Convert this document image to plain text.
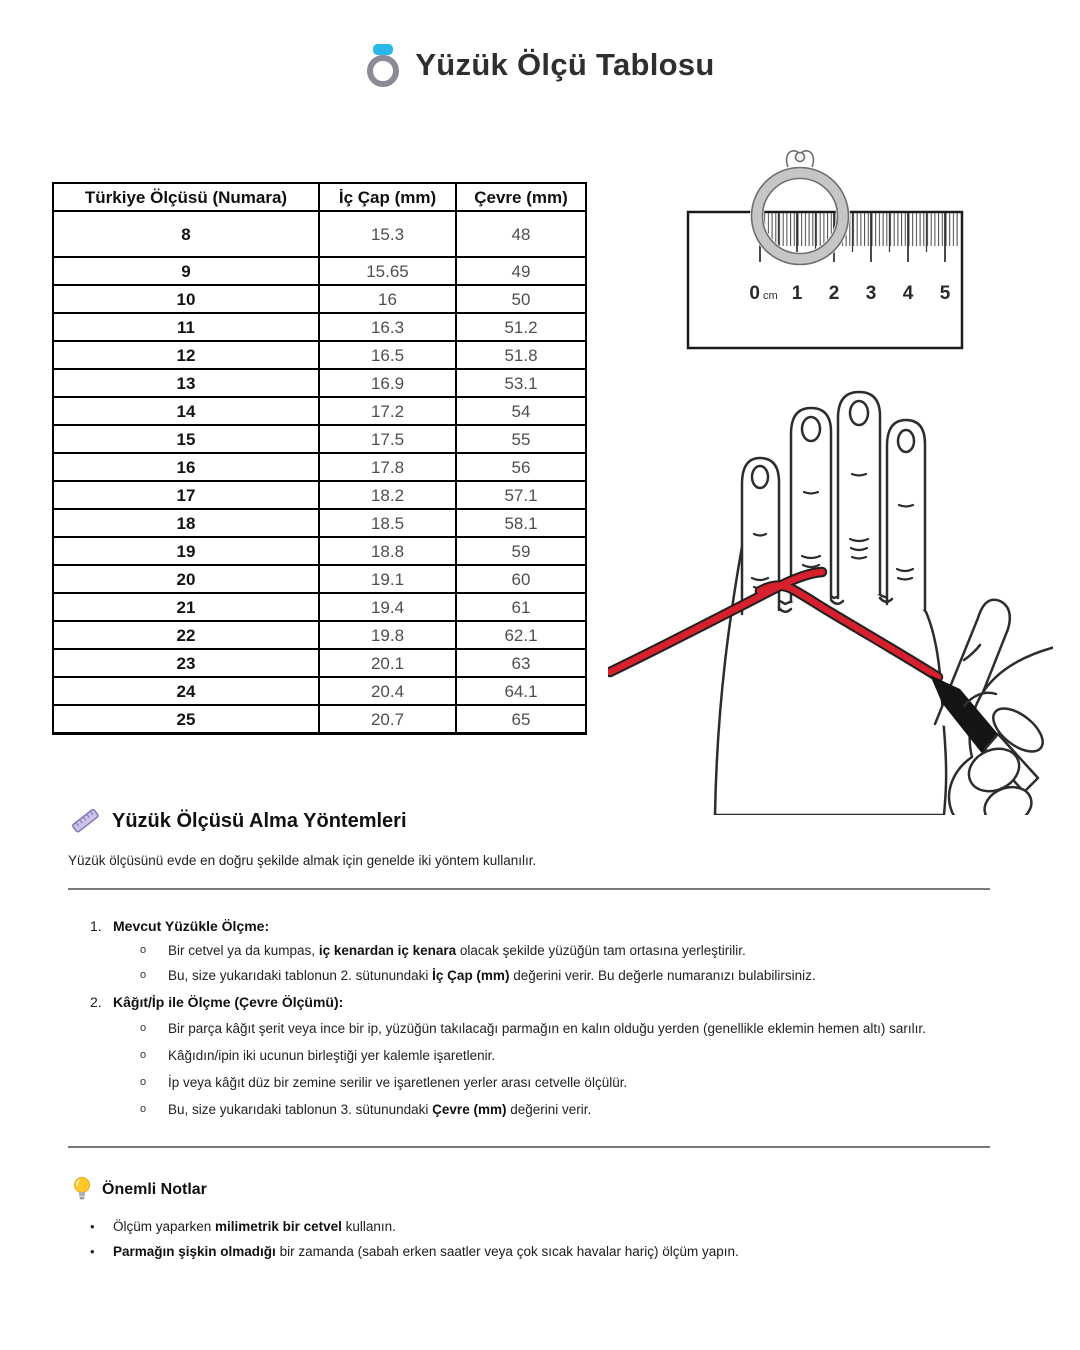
Yüzük Ölçü Tablosu
Türkiye Ölçüsü (Numara)	İç Çap (mm)	Çevre (mm)
8	15.3	48
9	15.65	49
10	16	50
11	16.3	51.2
12	16.5	51.8
13	16.9	53.1
14	17.2	54
15	17.5	55
16	17.8	56
17	18.2	57.1
18	18.5	58.1
19	18.8	59
20	19.1	60
21	19.4	61
22	19.8	62.1
23	20.1	63
24	20.4	64.1
25	20.7	65
0 cm 1 2 3 4 5
Yüzük Ölçüsü Alma Yöntemleri
Yüzük ölçüsünü evde en doğru şekilde almak için genelde iki yöntem kullanılır.
1. Mevcut Yüzükle Ölçme:
o	Bir cetvel ya da kumpas, iç kenardan iç kenara olacak şekilde yüzüğün tam ortasına yerleştirilir.
o	Bu, size yukarıdaki tablonun 2. sütunundaki İç Çap (mm) değerini verir. Bu değerle numaranızı bulabilirsiniz.
2. Kâğıt/İp ile Ölçme (Çevre Ölçümü):
o	Bir parça kâğıt şerit veya ince bir ip, yüzüğün takılacağı parmağın en kalın olduğu yerden (genellikle eklemin hemen altı) sarılır.
o	Kâğıdın/ipin iki ucunun birleştiği yer kalemle işaretlenir.
o	İp veya kâğıt düz bir zemine serilir ve işaretlenen yerler arası cetvelle ölçülür.
o	Bu, size yukarıdaki tablonun 3. sütunundaki Çevre (mm) değerini verir.
Önemli Notlar
•	Ölçüm yaparken milimetrik bir cetvel kullanın.
•	Parmağın şişkin olmadığı bir zamanda (sabah erken saatler veya çok sıcak havalar hariç) ölçüm yapın.
